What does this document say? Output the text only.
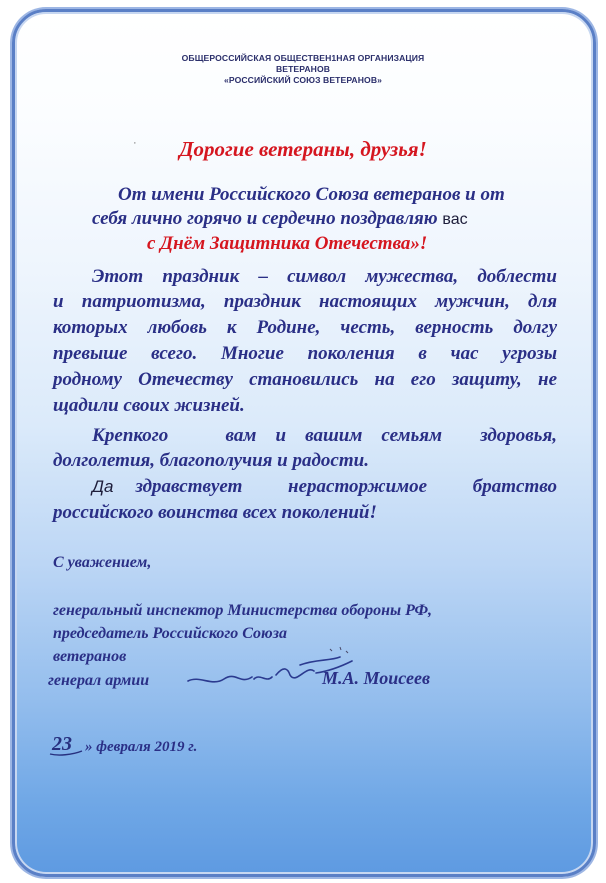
ОБЩЕРОССИЙСКАЯ ОБЩЕСТВЕН1НАЯ ОРГАНИЗАЦИЯ
ВЕТЕРАНОВ
«РОССИЙСКИЙ СОЮЗ ВЕТЕРАНОВ»
·	Дорогие ветераны, друзья!
От имени Российского Союза ветеранов и от
себя лично горячо и сердечно поздравляю вас
с Днём Защитника Отечества»!
Этот праздник – символ мужества, доблести
и патриотизма, праздник настоящих мужчин, для
которых любовь к Родине, честь, верность долгу
превыше всего. Многие поколения в час угрозы
родному Отечеству становились на его защиту, не
щадили своих жизней.
Крепкого   вам и вашим семьям  здоровья,
долголетия, благополучия и радости.
Да здравствует нерасторжимое братство
российского воинства всех поколений!
С уважением,
генеральный инспектор Министерства обороны РФ,
председатель Российского Союза
ветеранов
генерал армии	М.А. Моисеев
23 » февраля 2019 г.
